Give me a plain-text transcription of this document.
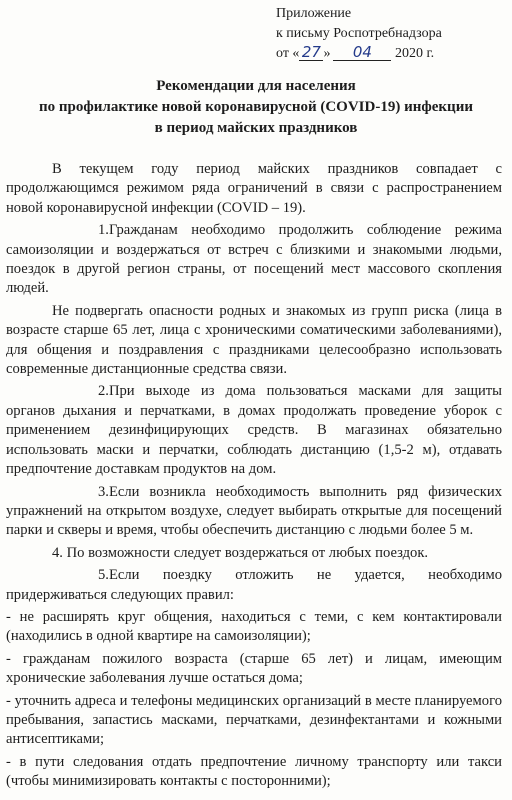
Приложение
к письму Роспотребнадзора
от « 27 » 04 2020 г.
Рекомендации для населения
по профилактике новой коронавирусной (COVID-19) инфекции
в период майских праздников

В текущем году период майских праздников совпадает с продолжающимся режимом ряда ограничений в связи с распространением новой коронавирусной инфекции (COVID – 19).

1.Гражданам необходимо продолжить соблюдение режима самоизоляции и воздержаться от встреч с близкими и знакомыми людьми, поездок в другой регион страны, от посещений мест массового скопления людей.

Не подвергать опасности родных и знакомых из групп риска (лица в возрасте старше 65 лет, лица с хроническими соматическими заболеваниями), для общения и поздравления с праздниками целесообразно использовать современные дистанционные средства связи.

2.При выходе из дома пользоваться масками для защиты органов дыхания и перчатками, в домах продолжать проведение уборок с применением дезинфицирующих средств. В магазинах обязательно использовать маски и перчатки, соблюдать дистанцию (1,5-2 м), отдавать предпочтение доставкам продуктов на дом.

3.Если возникла необходимость выполнить ряд физических упражнений на открытом воздухе, следует выбирать открытые для посещений парки и скверы и время, чтобы обеспечить дистанцию с людьми более 5 м.

4. По возможности следует воздержаться от любых поездок.

5.Если поездку отложить не удается, необходимо придерживаться следующих правил:

- не расширять круг общения, находиться с теми, с кем контактировали (находились в одной квартире на самоизоляции);

- гражданам пожилого возраста (старше 65 лет) и лицам, имеющим хронические заболевания лучше остаться дома;

- уточнить адреса и телефоны медицинских организаций в месте планируемого пребывания, запастись масками, перчатками, дезинфектантами и кожными антисептиками;

- в пути следования отдать предпочтение личному транспорту или такси (чтобы минимизировать контакты с посторонними);
